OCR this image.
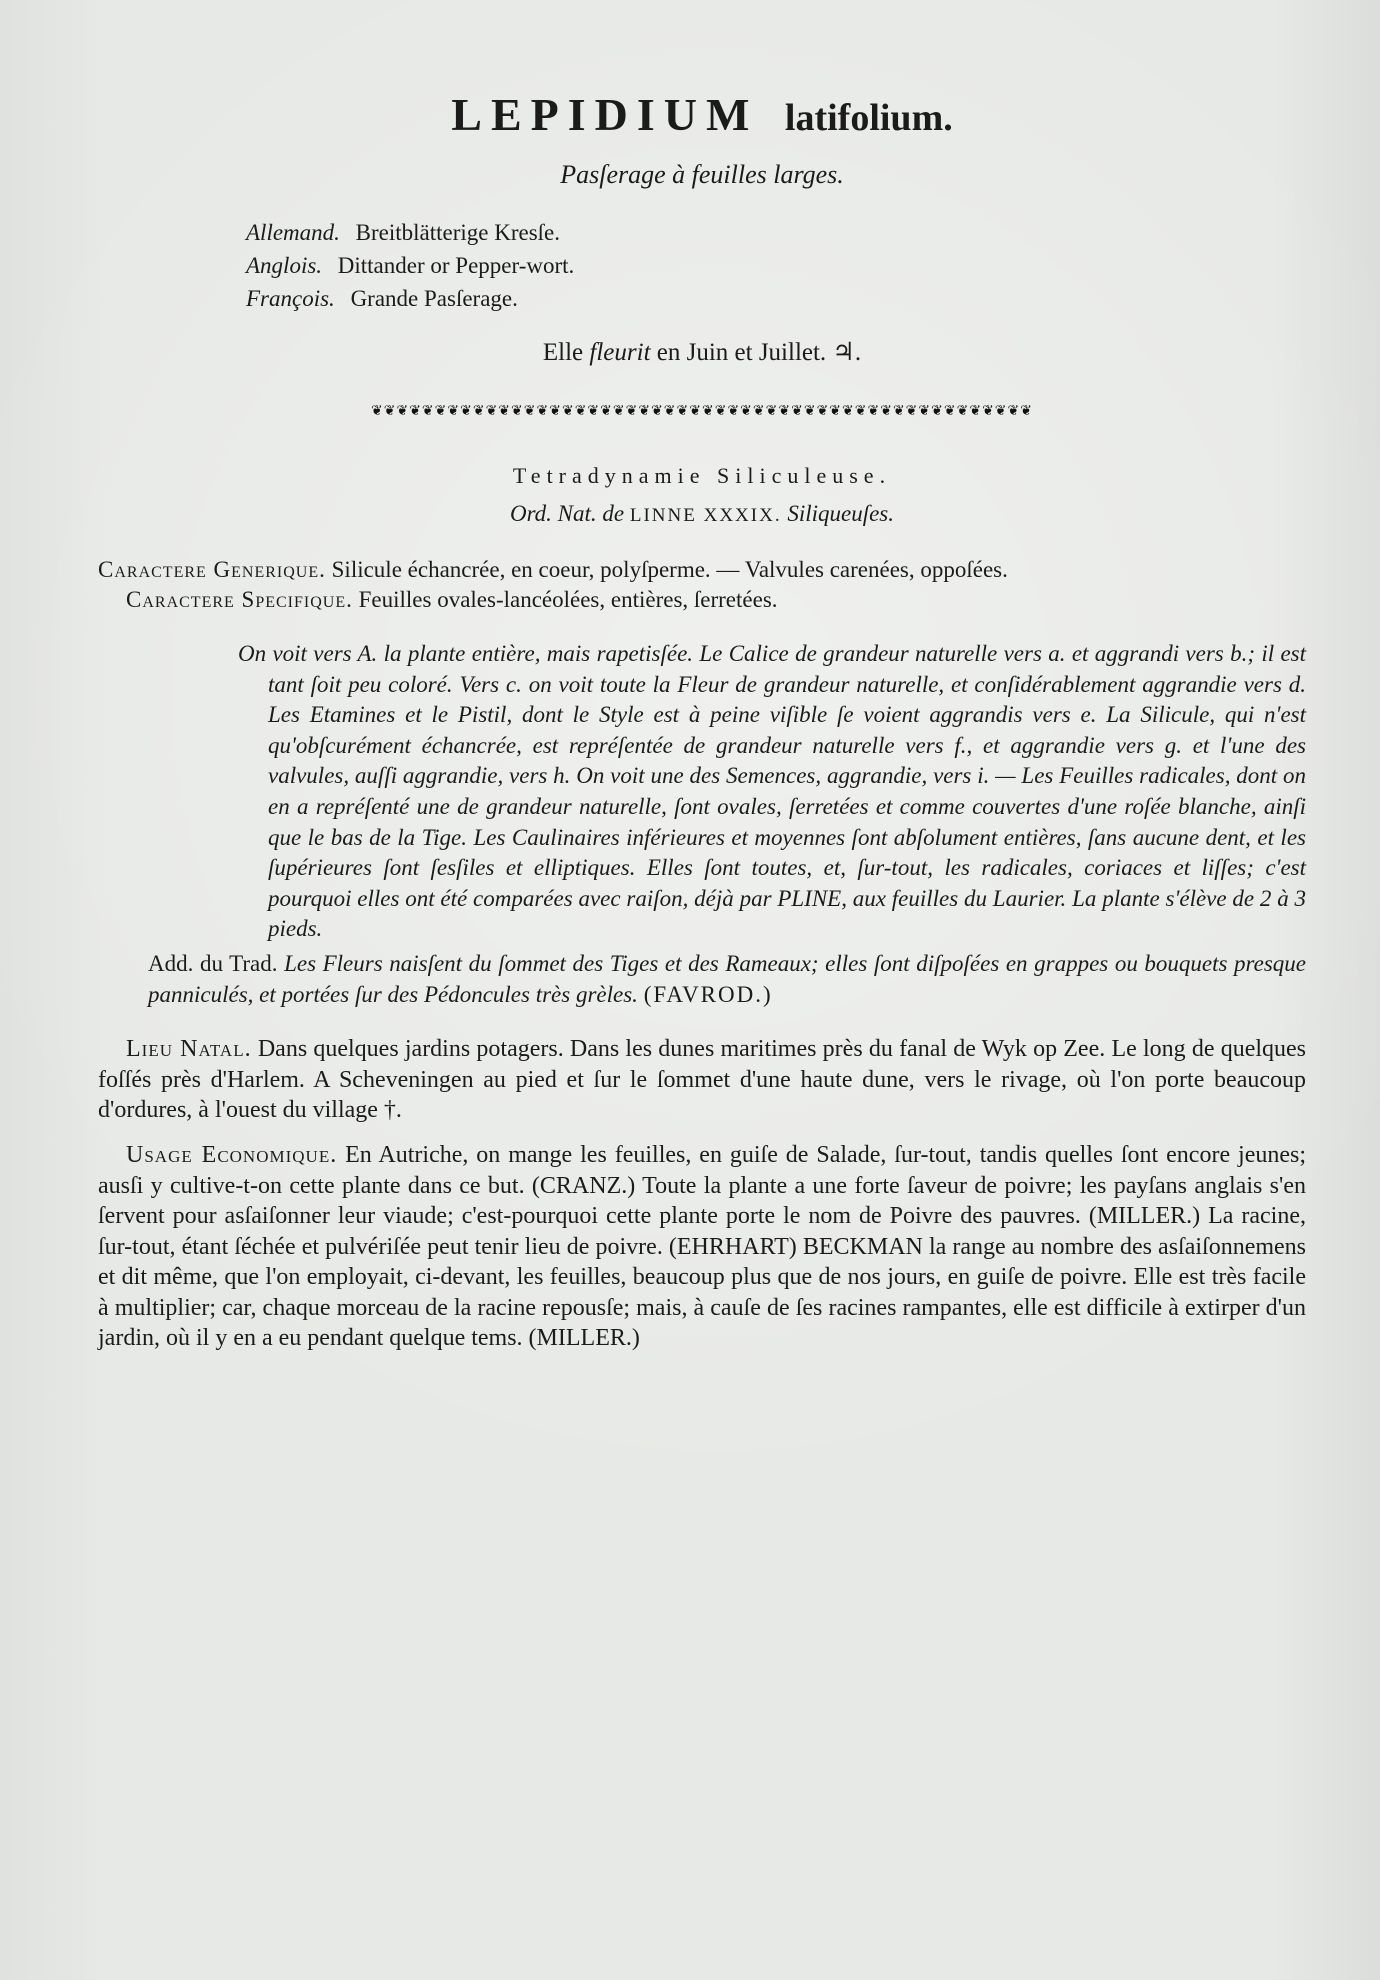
LEPIDIUM latifolium.
Pasſerage à feuilles larges.
Allemand. Breitblätterige Kresſe.
Anglois. Dittander or Pepper-wort.
François. Grande Pasſerage.
Elle fleurit en Juin et Juillet. ♃.
❦❦❦❦❦❦❦❦❦❦❦❦❦❦❦❦❦❦❦❦❦❦❦❦❦❦❦❦❦❦❦❦❦❦❦❦❦❦❦❦❦❦❦❦❦❦❦❦❦❦❦❦
Tetradynamie Siliculeuse.
Ord. Nat. de LINNE XXXIX. Siliqueuſes.
Caractere Generique. Silicule échancrée, en coeur, polyſperme. — Valvules carenées, oppoſées.
Caractere Specifique. Feuilles ovales-lancéolées, entières, ſerretées.
On voit vers A. la plante entière, mais rapetisſée. Le Calice de grandeur naturelle vers a. et aggrandi vers b.; il est tant ſoit peu coloré. Vers c. on voit toute la Fleur de grandeur naturelle, et conſidérablement aggrandie vers d. Les Etamines et le Pistil, dont le Style est à peine viſible ſe voient aggrandis vers e. La Silicule, qui n'est qu'obſcurément échancrée, est repréſentée de grandeur naturelle vers f., et aggrandie vers g. et l'une des valvules, auſſi aggrandie, vers h. On voit une des Semences, aggrandie, vers i. — Les Feuilles radicales, dont on en a repréſenté une de grandeur naturelle, ſont ovales, ſerretées et comme couvertes d'une roſée blanche, ainſi que le bas de la Tige. Les Caulinaires inférieures et moyennes ſont abſolument entières, ſans aucune dent, et les ſupérieures ſont ſesſiles et elliptiques. Elles ſont toutes, et, ſur-tout, les radicales, coriaces et liſſes; c'est pourquoi elles ont été comparées avec raiſon, déjà par PLINE, aux feuilles du Laurier. La plante s'élève de 2 à 3 pieds.
Add. du Trad. Les Fleurs naisſent du ſommet des Tiges et des Rameaux; elles ſont diſpoſées en grappes ou bouquets presque panniculés, et portées ſur des Pédoncules très grèles. (FAVROD.)

Lieu Natal. Dans quelques jardins potagers. Dans les dunes maritimes près du fanal de Wyk op Zee. Le long de quelques foſſés près d'Harlem. A Scheveningen au pied et ſur le ſommet d'une haute dune, vers le rivage, où l'on porte beaucoup d'ordures, à l'ouest du village †.

Usage Economique. En Autriche, on mange les feuilles, en guiſe de Salade, ſur-tout, tandis quelles ſont encore jeunes; ausſi y cultive-t-on cette plante dans ce but. (CRANZ.) Toute la plante a une forte ſaveur de poivre; les payſans anglais s'en ſervent pour asſaiſonner leur viaude; c'est-pourquoi cette plante porte le nom de Poivre des pauvres. (MILLER.) La racine, ſur-tout, étant ſéchée et pulvériſée peut tenir lieu de poivre. (EHRHART) BECKMAN la range au nombre des asſaiſonnemens et dit même, que l'on employait, ci-devant, les feuilles, beaucoup plus que de nos jours, en guiſe de poivre. Elle est très facile à multiplier; car, chaque morceau de la racine repousſe; mais, à cauſe de ſes racines rampantes, elle est difficile à extirper d'un jardin, où il y en a eu pendant quelque tems. (MILLER.)
